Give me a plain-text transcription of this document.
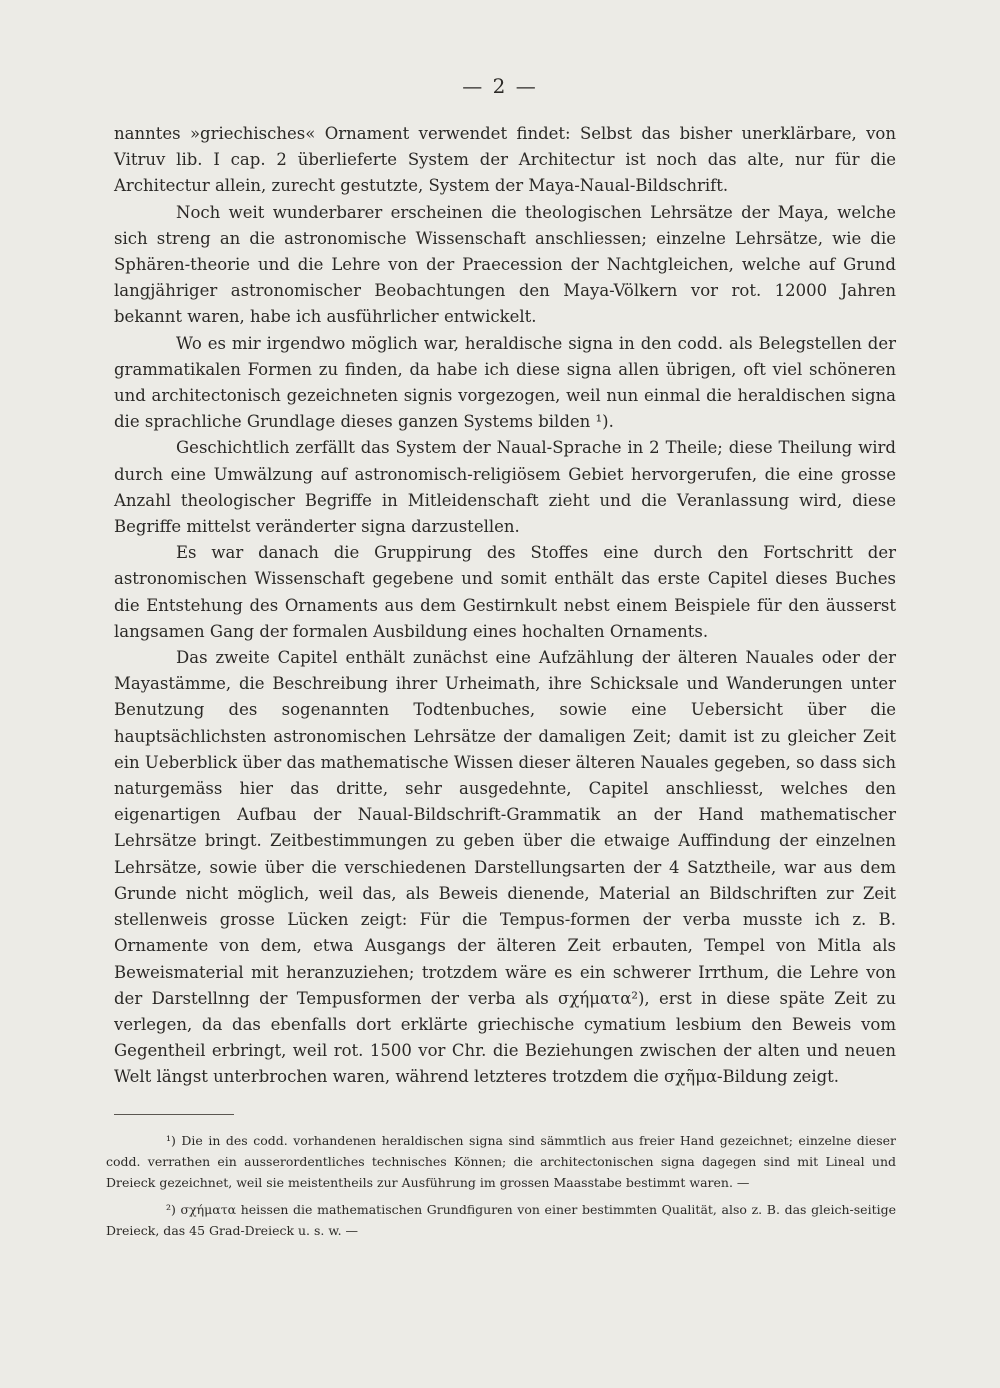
— 2 —

nanntes »griechisches« Ornament verwendet findet: Selbst das bisher unerklärbare, von Vitruv lib. I cap. 2 überlieferte System der Architectur ist noch das alte, nur für die Architectur allein, zurecht gestutzte, System der Maya-Naual-Bildschrift.

Noch weit wunderbarer erscheinen die theologischen Lehrsätze der Maya, welche sich streng an die astronomische Wissenschaft anschliessen; einzelne Lehrsätze, wie die Sphären-theorie und die Lehre von der Praecession der Nachtgleichen, welche auf Grund langjähriger astronomischer Beobachtungen den Maya-Völkern vor rot. 12000 Jahren bekannt waren, habe ich ausführlicher entwickelt.

Wo es mir irgendwo möglich war, heraldische signa in den codd. als Belegstellen der grammatikalen Formen zu finden, da habe ich diese signa allen übrigen, oft viel schöneren und architectonisch gezeichneten signis vorgezogen, weil nun einmal die heraldischen signa die sprachliche Grundlage dieses ganzen Systems bilden ¹).

Geschichtlich zerfällt das System der Naual-Sprache in 2 Theile; diese Theilung wird durch eine Umwälzung auf astronomisch-religiösem Gebiet hervorgerufen, die eine grosse Anzahl theologischer Begriffe in Mitleidenschaft zieht und die Veranlassung wird, diese Begriffe mittelst veränderter signa darzustellen.

Es war danach die Gruppirung des Stoffes eine durch den Fortschritt der astronomischen Wissenschaft gegebene und somit enthält das erste Capitel dieses Buches die Entstehung des Ornaments aus dem Gestirnkult nebst einem Beispiele für den äusserst langsamen Gang der formalen Ausbildung eines hochalten Ornaments.

Das zweite Capitel enthält zunächst eine Aufzählung der älteren Nauales oder der Mayastämme, die Beschreibung ihrer Urheimath, ihre Schicksale und Wanderungen unter Benutzung des sogenannten Todtenbuches, sowie eine Uebersicht über die hauptsächlichsten astronomischen Lehrsätze der damaligen Zeit; damit ist zu gleicher Zeit ein Ueberblick über das mathematische Wissen dieser älteren Nauales gegeben, so dass sich naturgemäss hier das dritte, sehr ausgedehnte, Capitel anschliesst, welches den eigenartigen Aufbau der Naual-Bildschrift-Grammatik an der Hand mathematischer Lehrsätze bringt. Zeitbestimmungen zu geben über die etwaige Auffindung der einzelnen Lehrsätze, sowie über die verschiedenen Darstellungsarten der 4 Satztheile, war aus dem Grunde nicht möglich, weil das, als Beweis dienende, Material an Bildschriften zur Zeit stellenweis grosse Lücken zeigt: Für die Tempus-formen der verba musste ich z. B. Ornamente von dem, etwa Ausgangs der älteren Zeit erbauten, Tempel von Mitla als Beweismaterial mit heranzuziehen; trotzdem wäre es ein schwerer Irrthum, die Lehre von der Darstellnng der Tempusformen der verba als σχήματα²), erst in diese späte Zeit zu verlegen, da das ebenfalls dort erklärte griechische cymatium lesbium den Beweis vom Gegentheil erbringt, weil rot. 1500 vor Chr. die Beziehungen zwischen der alten und neuen Welt längst unterbrochen waren, während letzteres trotzdem die σχῆμα-Bildung zeigt.

¹) Die in des codd. vorhandenen heraldischen signa sind sämmtlich aus freier Hand gezeichnet; einzelne dieser codd. verrathen ein ausserordentliches technisches Können; die architectonischen signa dagegen sind mit Lineal und Dreieck gezeichnet, weil sie meistentheils zur Ausführung im grossen Maasstabe bestimmt waren. —

²) σχήματα heissen die mathematischen Grundfiguren von einer bestimmten Qualität, also z. B. das gleich-seitige Dreieck, das 45 Grad-Dreieck u. s. w. —
